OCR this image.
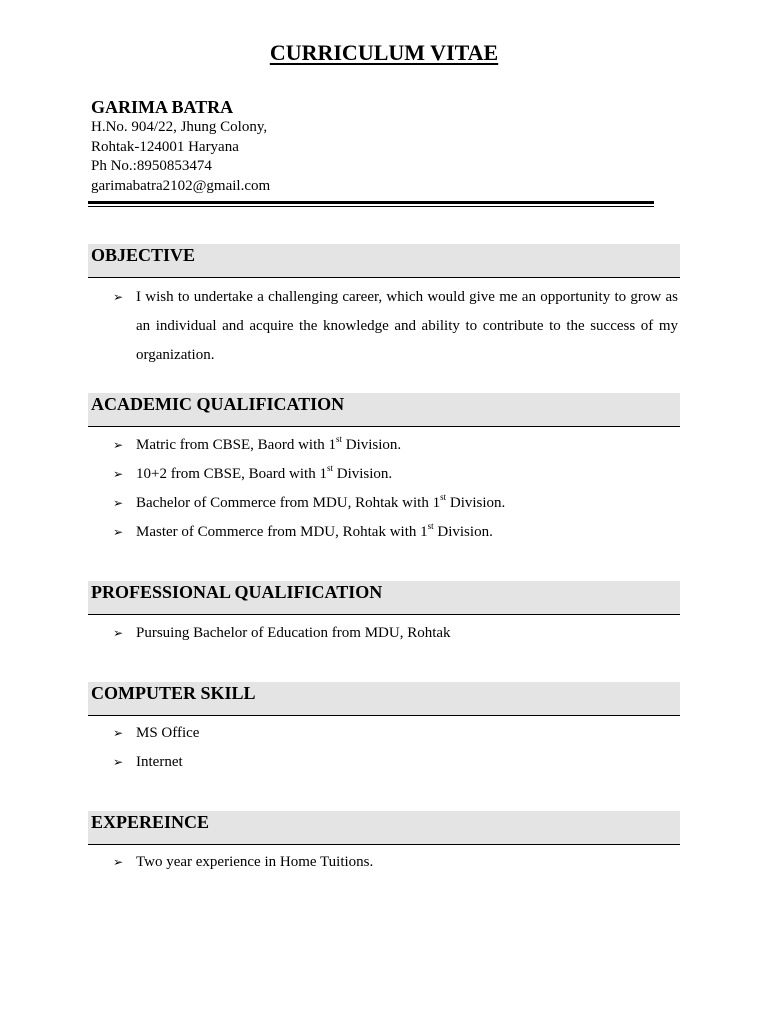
CURRICULUM VITAE
GARIMA BATRA
H.No. 904/22, Jhung Colony,
Rohtak-124001 Haryana
Ph No.:8950853474
garimabatra2102@gmail.com
OBJECTIVE
➢ I wish to undertake a challenging career, which would give me an opportunity to grow as an individual and acquire the knowledge and ability to contribute to the success of my organization.
ACADEMIC QUALIFICATION
➢ Matric from CBSE, Baord with 1st Division.
➢ 10+2 from CBSE, Board with 1st Division.
➢ Bachelor of Commerce from MDU, Rohtak with 1st Division.
➢ Master of Commerce from MDU, Rohtak with 1st Division.
PROFESSIONAL QUALIFICATION
➢ Pursuing Bachelor of Education from MDU, Rohtak
COMPUTER SKILL
➢ MS Office
➢ Internet
EXPEREINCE
➢ Two year experience in Home Tuitions.
